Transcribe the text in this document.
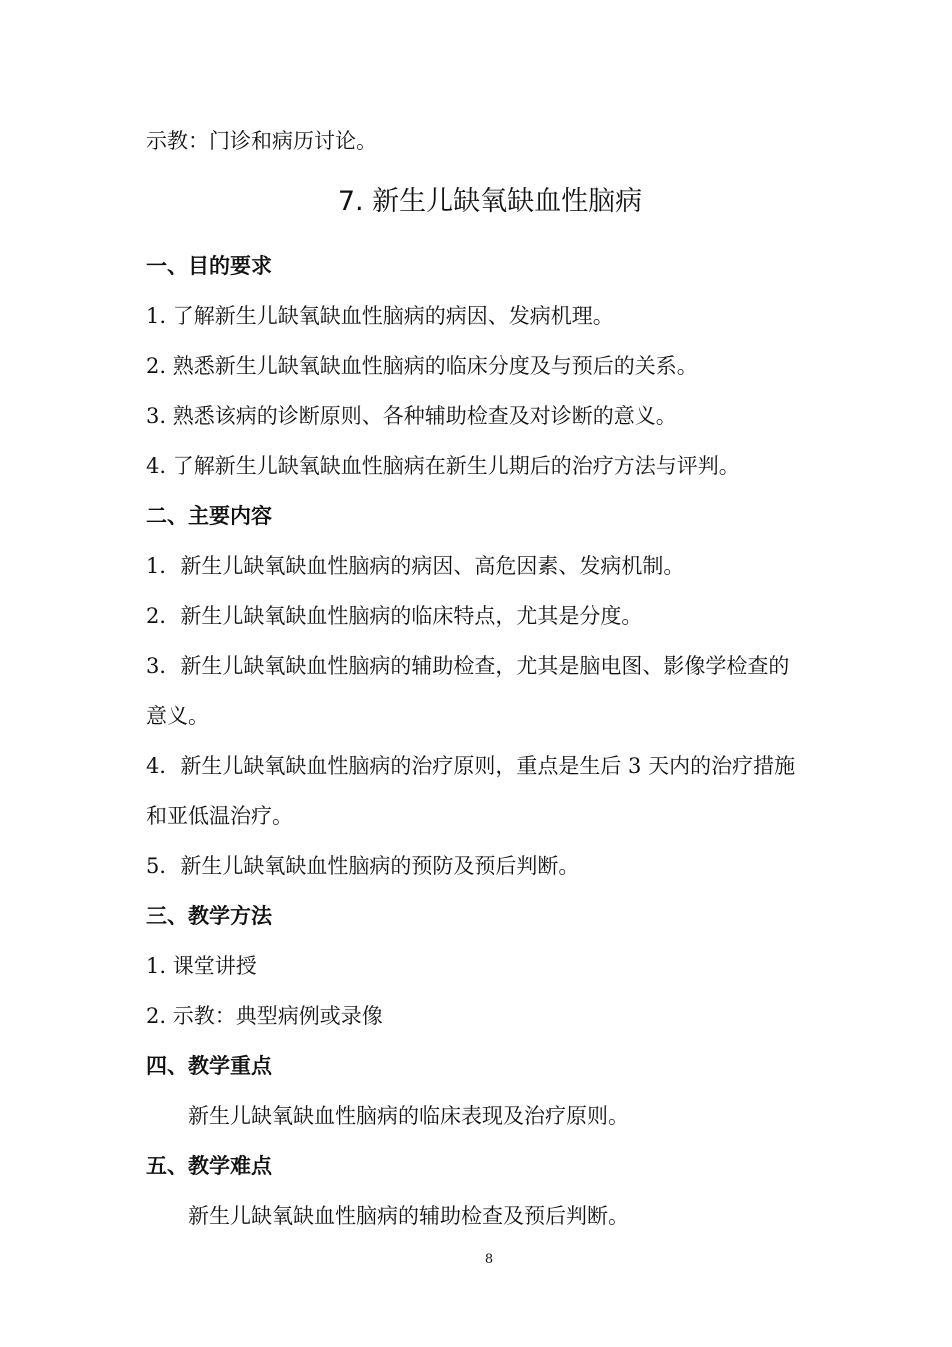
示教：门诊和病历讨论。
7. 新生儿缺氧缺血性脑病
一、目的要求
1. 了解新生儿缺氧缺血性脑病的病因、发病机理。
2. 熟悉新生儿缺氧缺血性脑病的临床分度及与预后的关系。
3. 熟悉该病的诊断原则、各种辅助检查及对诊断的意义。
4. 了解新生儿缺氧缺血性脑病在新生儿期后的治疗方法与评判。
二、主要内容
1．新生儿缺氧缺血性脑病的病因、高危因素、发病机制。
2．新生儿缺氧缺血性脑病的临床特点，尤其是分度。
3．新生儿缺氧缺血性脑病的辅助检查，尤其是脑电图、影像学检查的
意义。
4．新生儿缺氧缺血性脑病的治疗原则，重点是生后 3 天内的治疗措施
和亚低温治疗。
5．新生儿缺氧缺血性脑病的预防及预后判断。
三、教学方法
1. 课堂讲授
2. 示教：典型病例或录像
四、教学重点
新生儿缺氧缺血性脑病的临床表现及治疗原则。
五、教学难点
新生儿缺氧缺血性脑病的辅助检查及预后判断。
8
